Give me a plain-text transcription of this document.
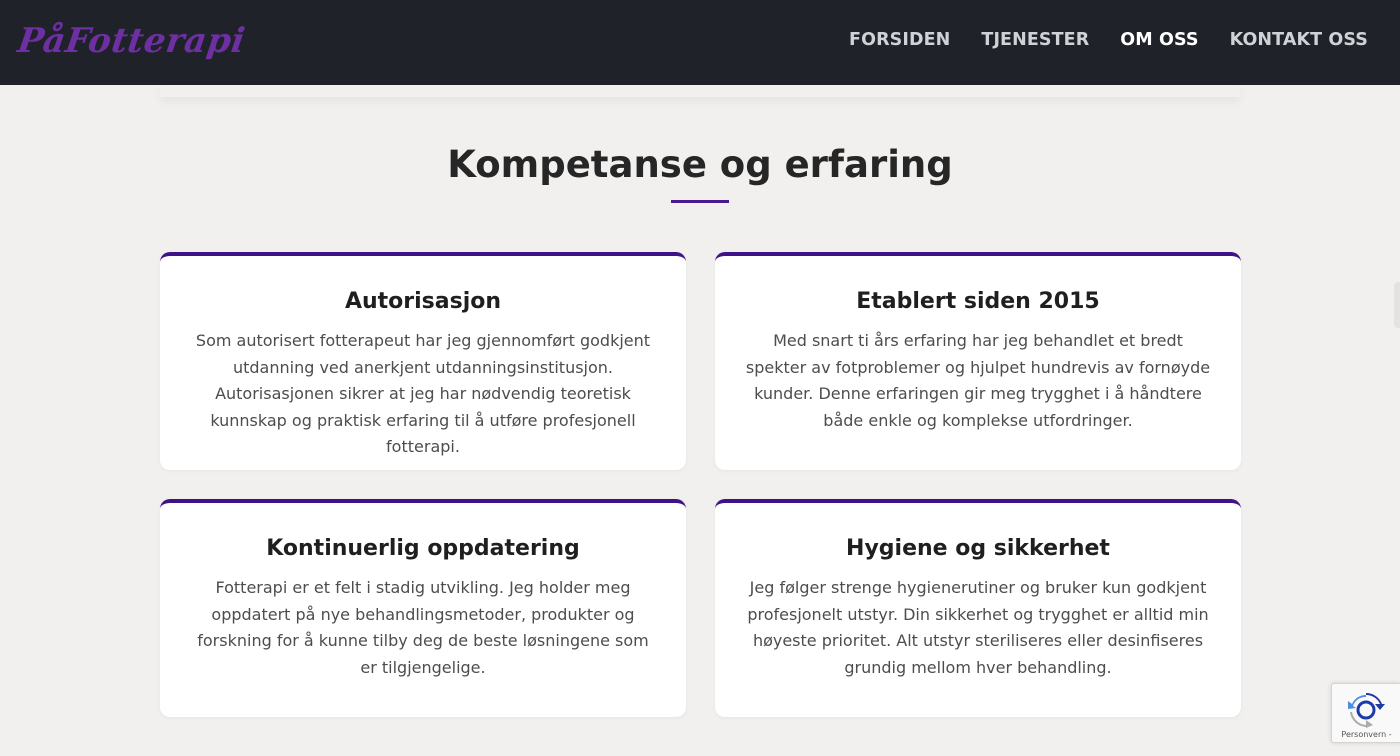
PåFotterapi	FORSIDEN TJENESTER OM OSS KONTAKT OSS
Kompetanse og erfaring
Autorisasjon

Som autorisert fotterapeut har jeg gjennomført godkjent utdanning ved anerkjent utdanningsinstitusjon. Autorisasjonen sikrer at jeg har nødvendig teoretisk kunnskap og praktisk erfaring til å utføre profesjonell fotterapi.

Etablert siden 2015

Med snart ti års erfaring har jeg behandlet et bredt spekter av fotproblemer og hjulpet hundrevis av fornøyde kunder. Denne erfaringen gir meg trygghet i å håndtere både enkle og komplekse utfordringer.

Kontinuerlig oppdatering

Fotterapi er et felt i stadig utvikling. Jeg holder meg oppdatert på nye behandlingsmetoder, produkter og forskning for å kunne tilby deg de beste løsningene som er tilgjengelige.

Hygiene og sikkerhet

Jeg følger strenge hygienerutiner og bruker kun godkjent profesjonelt utstyr. Din sikkerhet og trygghet er alltid min høyeste prioritet. Alt utstyr steriliseres eller desinfiseres grundig mellom hver behandling.

Personvern -
